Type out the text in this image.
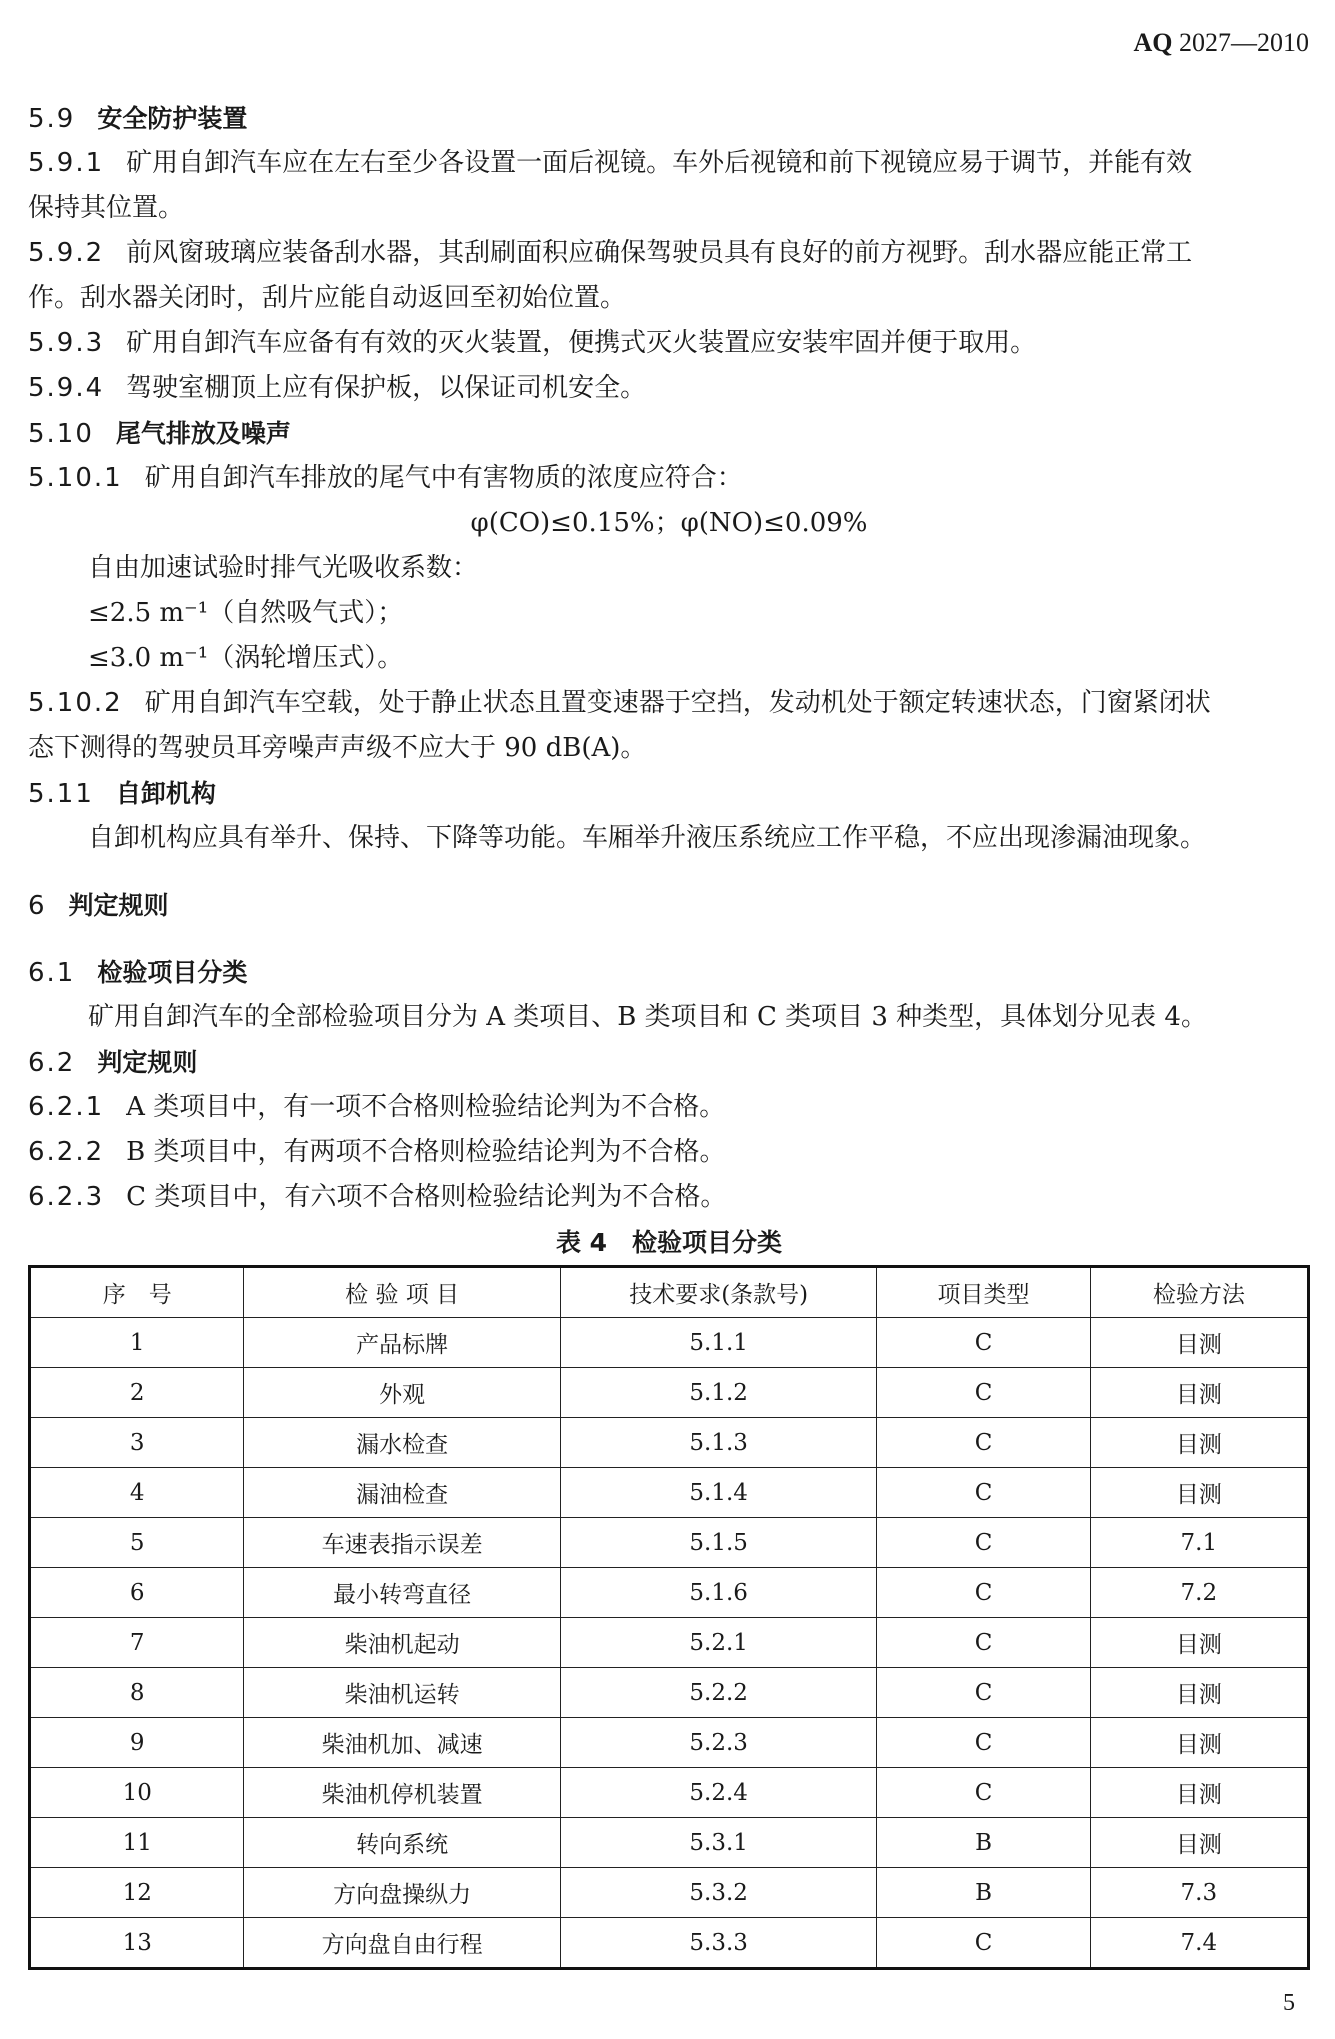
AQ 2027—2010
5.9 安全防护装置
5.9.1 矿用自卸汽车应在左右至少各设置一面后视镜。车外后视镜和前下视镜应易于调节，并能有效
保持其位置。
5.9.2 前风窗玻璃应装备刮水器，其刮刷面积应确保驾驶员具有良好的前方视野。刮水器应能正常工
作。刮水器关闭时，刮片应能自动返回至初始位置。
5.9.3 矿用自卸汽车应备有有效的灭火装置，便携式灭火装置应安装牢固并便于取用。
5.9.4 驾驶室棚顶上应有保护板，以保证司机安全。
5.10 尾气排放及噪声
5.10.1 矿用自卸汽车排放的尾气中有害物质的浓度应符合：
φ(CO)≤0.15%；φ(NO)≤0.09%
自由加速试验时排气光吸收系数：
≤2.5 m⁻¹（自然吸气式）；
≤3.0 m⁻¹（涡轮增压式）。
5.10.2 矿用自卸汽车空载，处于静止状态且置变速器于空挡，发动机处于额定转速状态，门窗紧闭状
态下测得的驾驶员耳旁噪声声级不应大于 90 dB(A)。
5.11 自卸机构
自卸机构应具有举升、保持、下降等功能。车厢举升液压系统应工作平稳，不应出现渗漏油现象。
6 判定规则
6.1 检验项目分类
矿用自卸汽车的全部检验项目分为 A 类项目、B 类项目和 C 类项目 3 种类型，具体划分见表 4。
6.2 判定规则
6.2.1 A 类项目中，有一项不合格则检验结论判为不合格。
6.2.2 B 类项目中，有两项不合格则检验结论判为不合格。
6.2.3 C 类项目中，有六项不合格则检验结论判为不合格。
表 4　检验项目分类
序　号	检 验 项 目	技术要求(条款号)	项目类型	检验方法
1	产品标牌	5.1.1	C	目测
2	外观	5.1.2	C	目测
3	漏水检查	5.1.3	C	目测
4	漏油检查	5.1.4	C	目测
5	车速表指示误差	5.1.5	C	7.1
6	最小转弯直径	5.1.6	C	7.2
7	柴油机起动	5.2.1	C	目测
8	柴油机运转	5.2.2	C	目测
9	柴油机加、减速	5.2.3	C	目测
10	柴油机停机装置	5.2.4	C	目测
11	转向系统	5.3.1	B	目测
12	方向盘操纵力	5.3.2	B	7.3
13	方向盘自由行程	5.3.3	C	7.4
5
